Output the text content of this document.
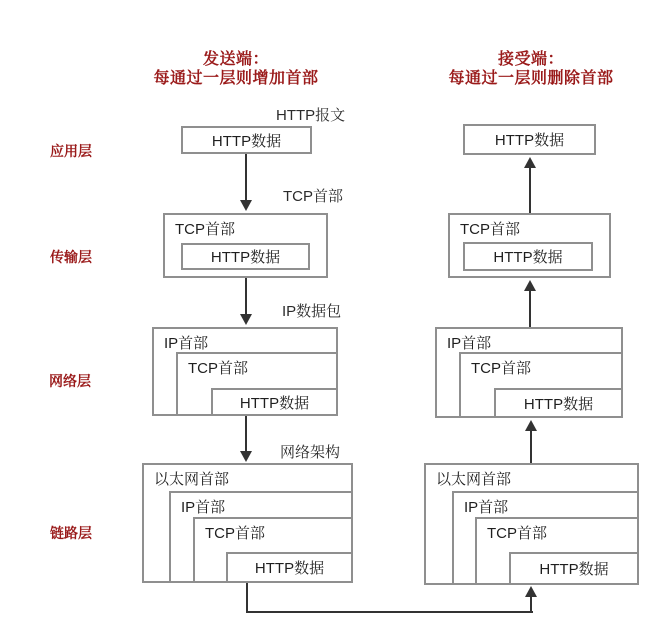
发送端：
每通过一层则增加首部
接受端：
每通过一层则删除首部
应用层
传输层
网络层
链路层
HTTP报文
TCP首部
IP数据包
网络架构
HTTP数据
TCP首部
HTTP数据
IP首部
TCP首部
HTTP数据
以太网首部
IP首部
TCP首部
HTTP数据
HTTP数据
TCP首部
HTTP数据
IP首部
TCP首部
HTTP数据
以太网首部
IP首部
TCP首部
HTTP数据
